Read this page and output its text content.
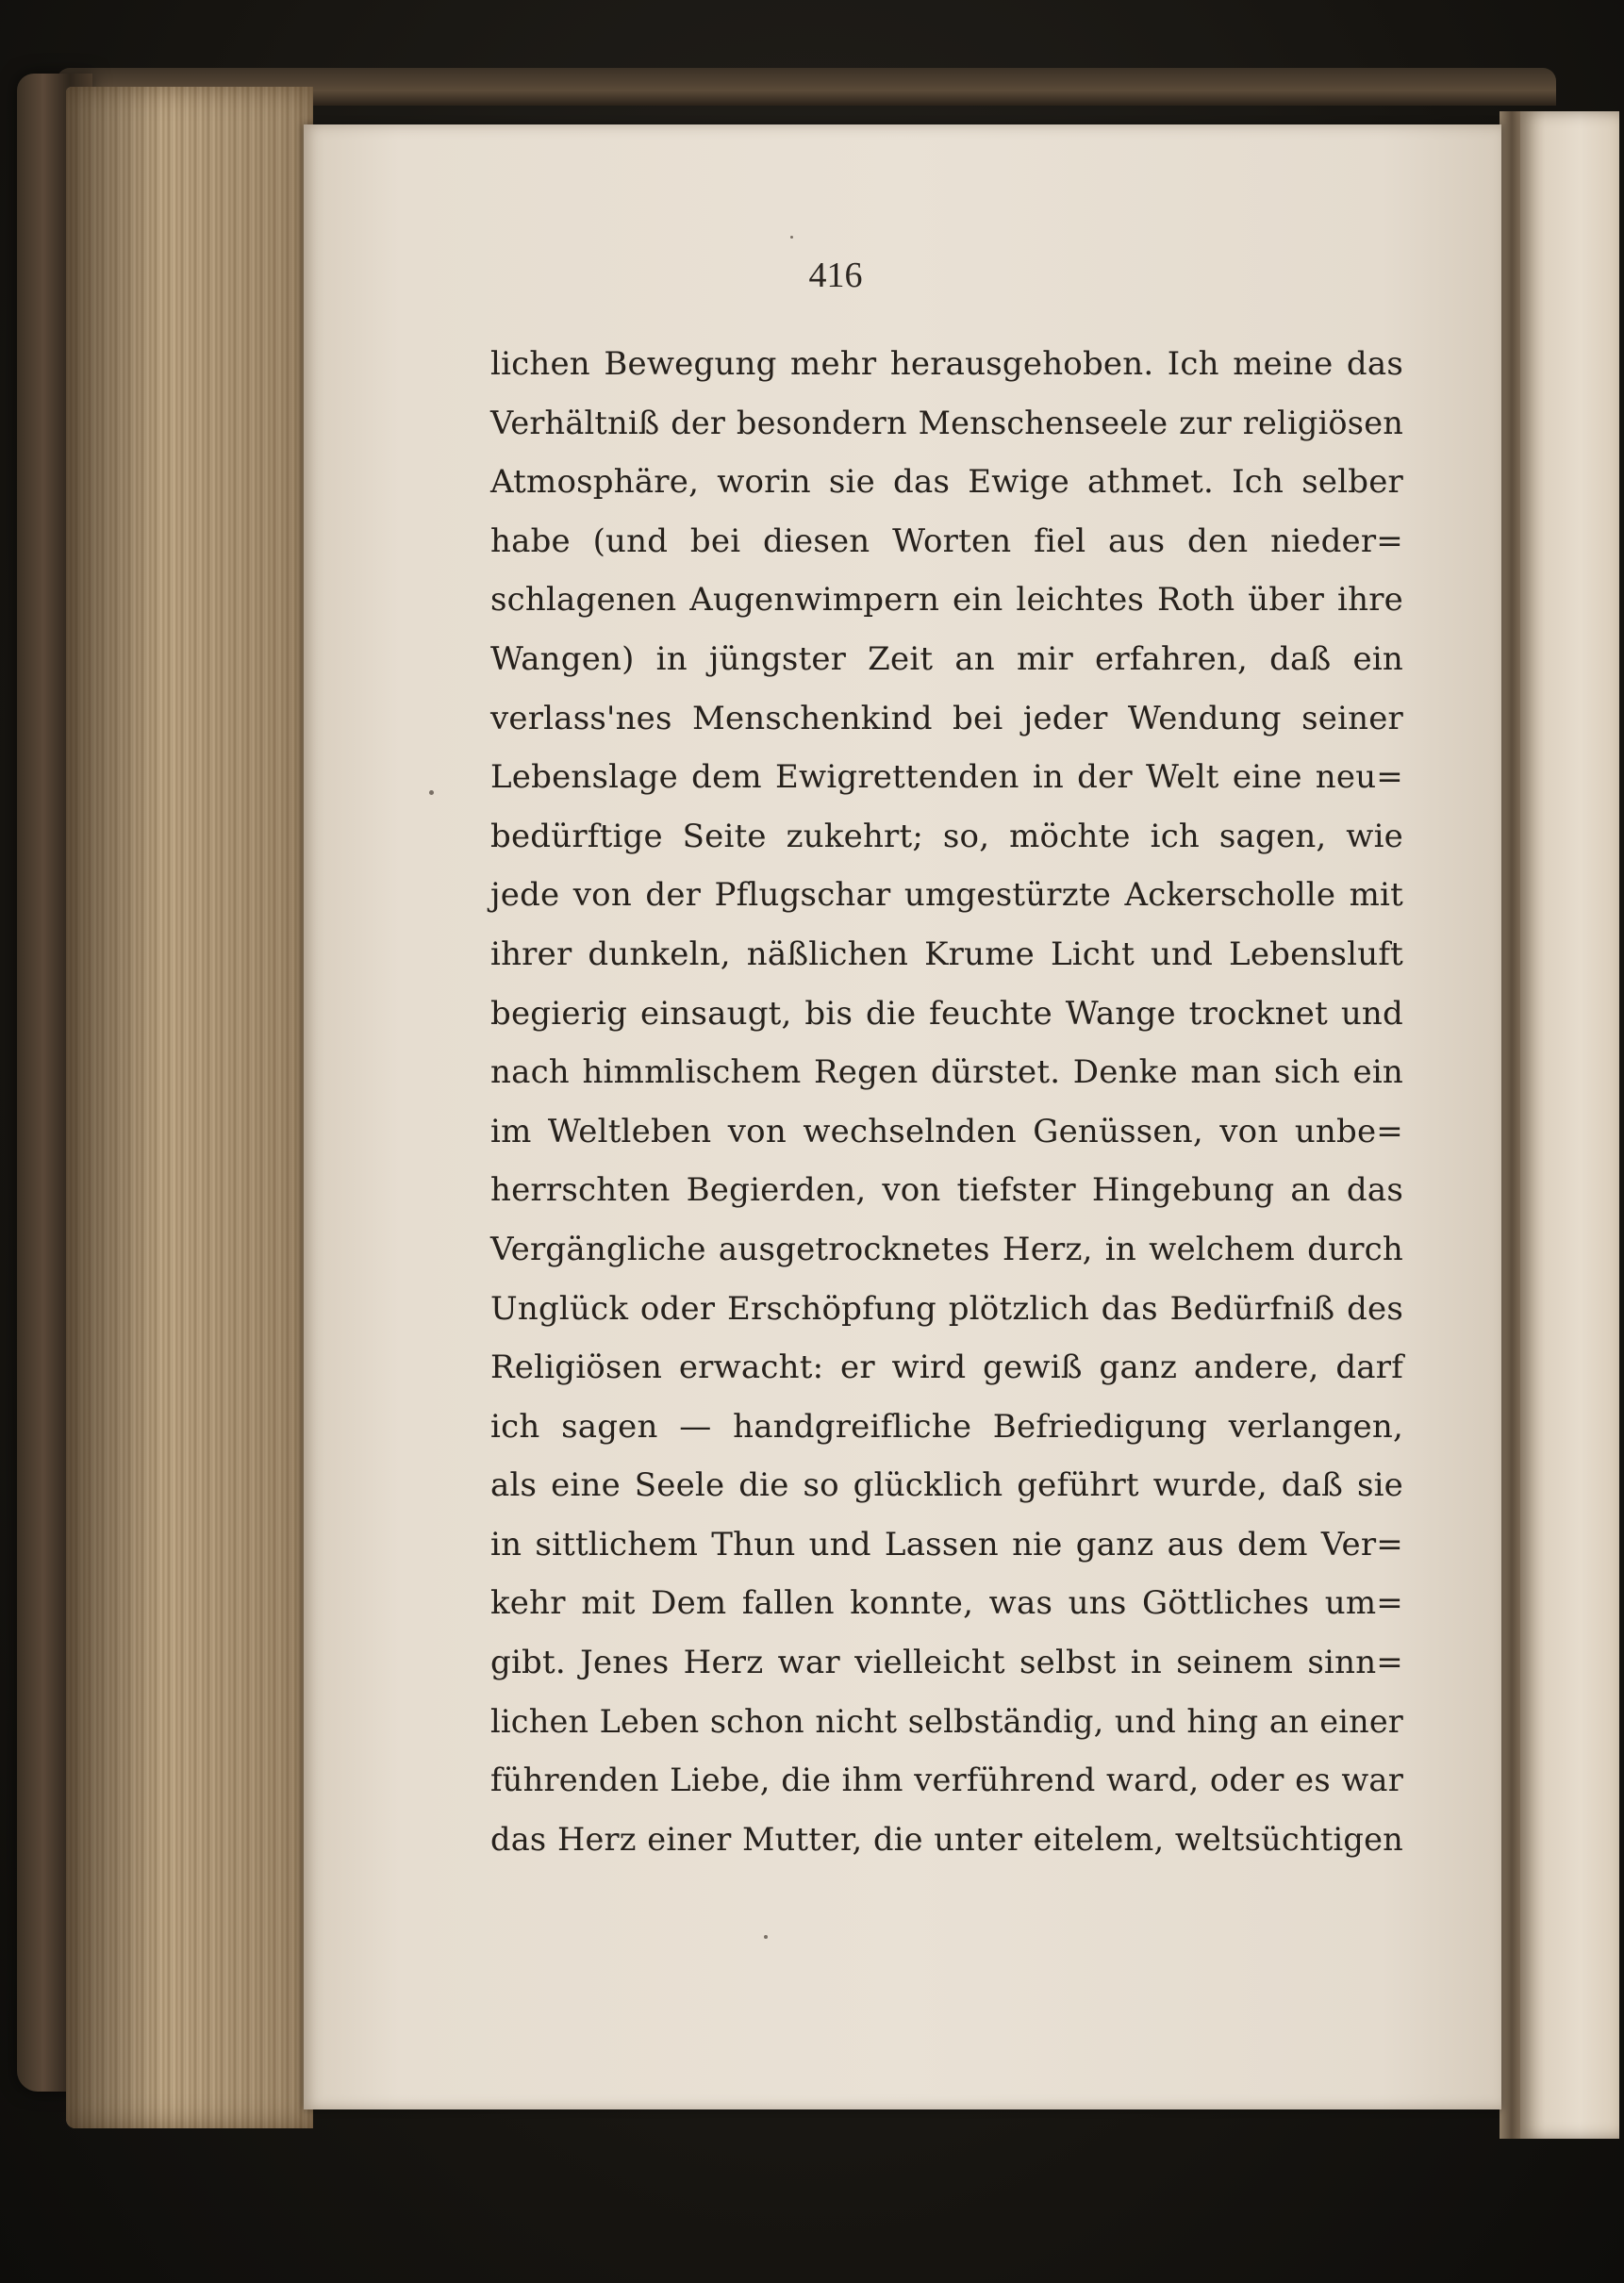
416
lichen Bewegung mehr herausgehoben. Ich meine das
Verhältniß der besondern Menschenseele zur religiösen
Atmosphäre, worin sie das Ewige athmet. Ich selber
habe (und bei diesen Worten fiel aus den nieder=
schlagenen Augenwimpern ein leichtes Roth über ihre
Wangen) in jüngster Zeit an mir erfahren, daß ein
verlass'nes Menschenkind bei jeder Wendung seiner
Lebenslage dem Ewigrettenden in der Welt eine neu=
bedürftige Seite zukehrt; so, möchte ich sagen, wie
jede von der Pflugschar umgestürzte Ackerscholle mit
ihrer dunkeln, näßlichen Krume Licht und Lebensluft
begierig einsaugt, bis die feuchte Wange trocknet und
nach himmlischem Regen dürstet. Denke man sich ein
im Weltleben von wechselnden Genüssen, von unbe=
herrschten Begierden, von tiefster Hingebung an das
Vergängliche ausgetrocknetes Herz, in welchem durch
Unglück oder Erschöpfung plötzlich das Bedürfniß des
Religiösen erwacht: er wird gewiß ganz andere, darf
ich sagen — handgreifliche Befriedigung verlangen,
als eine Seele die so glücklich geführt wurde, daß sie
in sittlichem Thun und Lassen nie ganz aus dem Ver=
kehr mit Dem fallen konnte, was uns Göttliches um=
gibt. Jenes Herz war vielleicht selbst in seinem sinn=
lichen Leben schon nicht selbständig, und hing an einer
führenden Liebe, die ihm verführend ward, oder es war
das Herz einer Mutter, die unter eitelem, weltsüchtigen
